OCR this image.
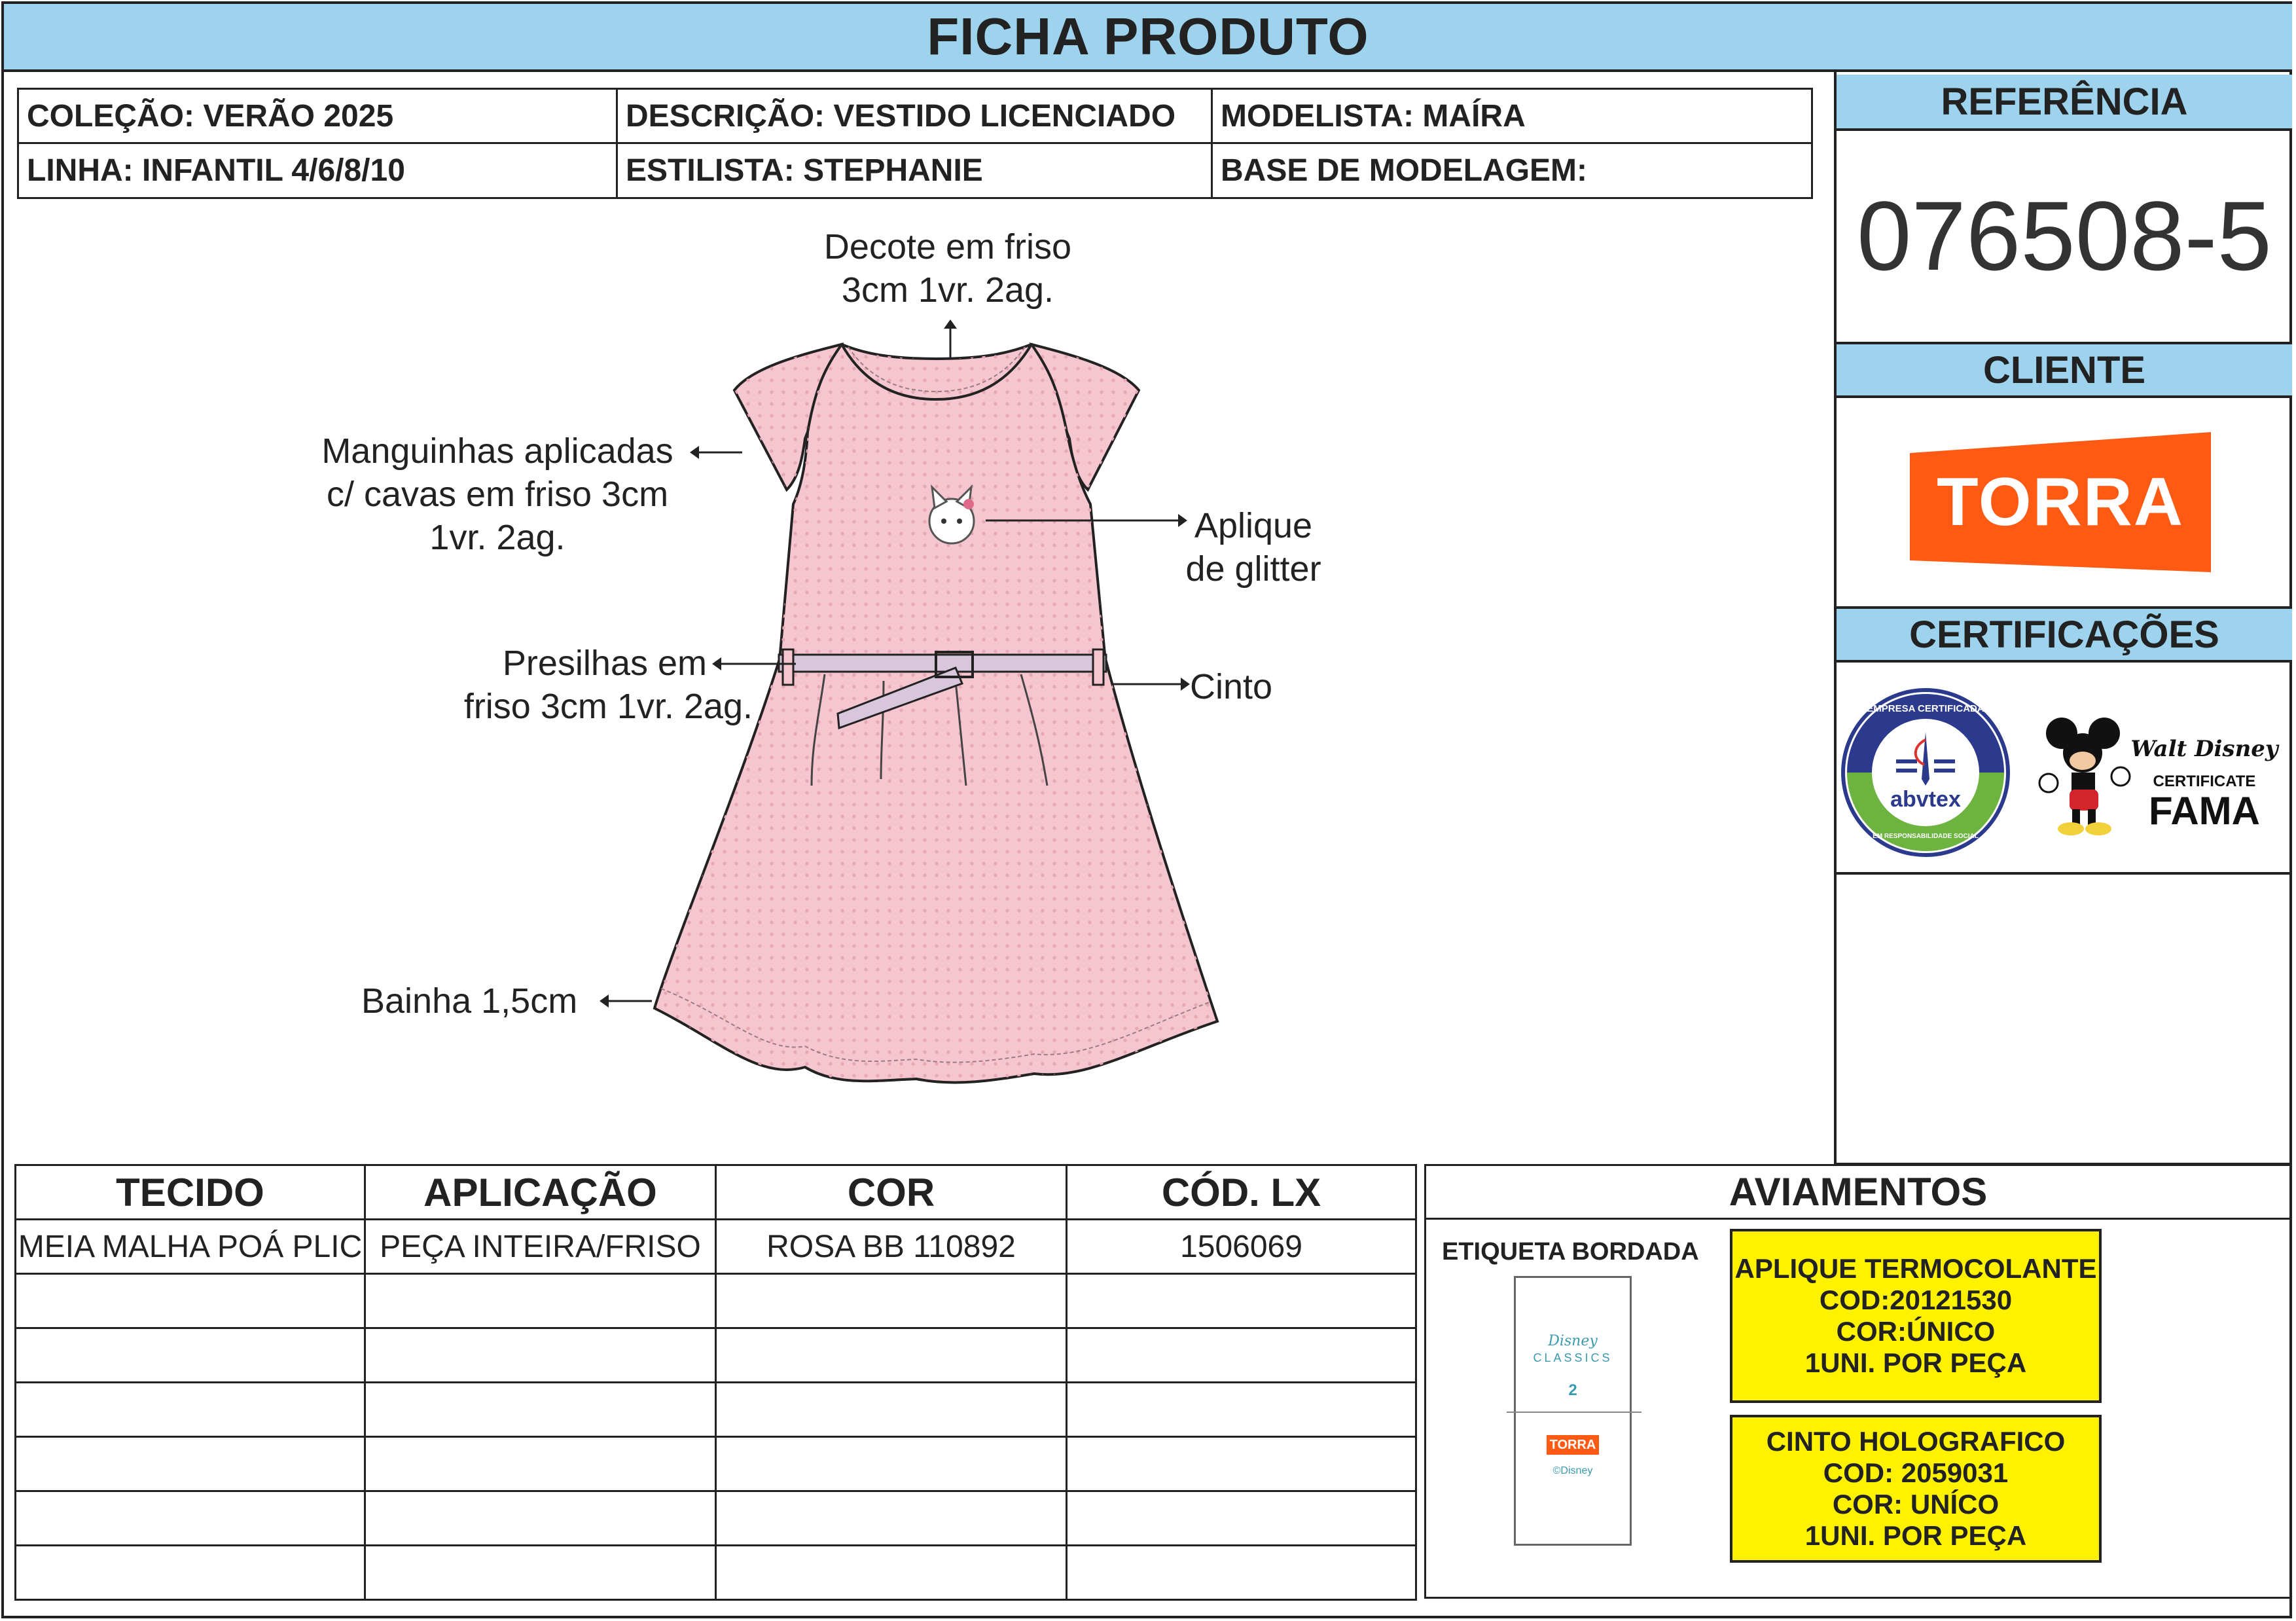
FICHA PRODUTO
COLEÇÃO: VERÃO 2025	DESCRIÇÃO: VESTIDO LICENCIADO	MODELISTA: MAÍRA
LINHA: INFANTIL 4/6/8/10	ESTILISTA: STEPHANIE	BASE DE MODELAGEM:
REFERÊNCIA
076508-5
CLIENTE
TORRA
CERTIFICAÇÕES
EMPRESA CERTIFICADA
abvtex
EM RESPONSABILIDADE SOCIAL
Walt Disney
CERTIFICATE
FAMA
Decote em friso
3cm 1vr. 2ag.
Manguinhas aplicadas
c/ cavas em friso 3cm
1vr. 2ag.	Aplique
de glitter
Presilhas em
friso 3cm 1vr. 2ag.	Cinto
Bainha 1,5cm
TECIDO	APLICAÇÃO	COR	CÓD. LX
MEIA MALHA POÁ PLIC	PEÇA INTEIRA/FRISO	ROSA BB 110892	1506069

AVIAMENTOS
ETIQUETA BORDADA
Disney
CLASSICS
2
TORRA
©Disney
APLIQUE TERMOCOLANTE
COD:20121530
COR:ÚNICO
1UNI. POR PEÇA
CINTO HOLOGRAFICO
COD: 2059031
COR: UNÍCO
1UNI. POR PEÇA
